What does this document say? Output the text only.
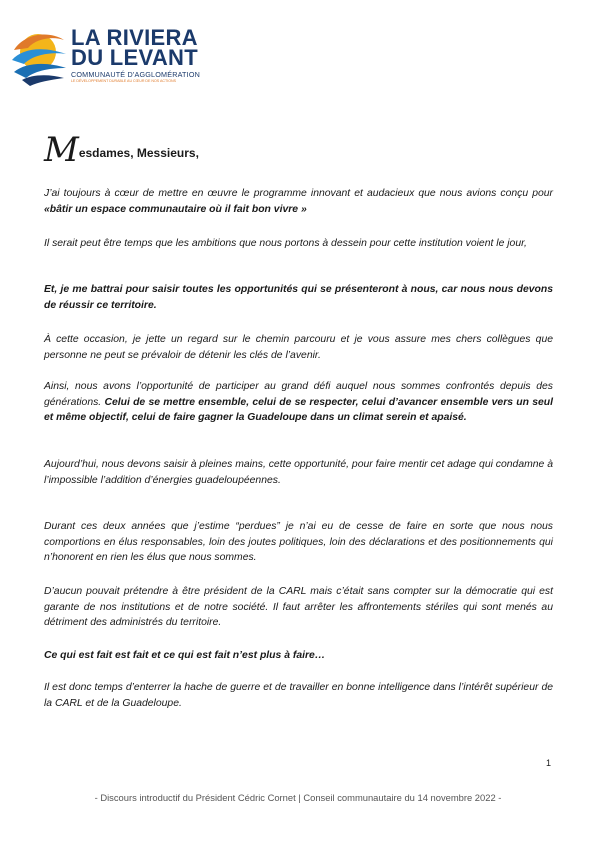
LA RIVIERA
DU LEVANT
COMMUNAUTÉ D'AGGLOMÉRATION
LE DÉVELOPPEMENT DURABLE AU CŒUR DE NOS ACTIONS
Mesdames, Messieurs,

J’ai toujours à cœur de mettre en œuvre le programme innovant et audacieux que nous avions conçu pour «bâtir un espace communautaire où il fait bon vivre »

Il serait peut être temps que les ambitions que nous portons à dessein pour cette institution voient le jour,

Et, je me battrai pour saisir toutes les opportunités qui se présenteront à nous, car nous nous devons de réussir ce territoire.

À cette occasion, je jette un regard sur le chemin parcouru et je vous assure mes chers collègues que personne ne peut se prévaloir de détenir les clés de l’avenir.

Ainsi, nous avons l’opportunité de participer au grand défi auquel nous sommes confrontés depuis des générations. Celui de se mettre ensemble, celui de se respecter, celui d’avancer ensemble vers un seul et même objectif, celui de faire gagner la Guadeloupe dans un climat serein et apaisé.

Aujourd’hui, nous devons saisir à pleines mains, cette opportunité, pour faire mentir cet adage qui condamne à l’impossible l’addition d’énergies guadeloupéennes.

Durant ces deux années que j’estime “perdues” je n’ai eu de cesse de faire en sorte que nous nous comportions en élus responsables, loin des joutes politiques, loin des déclarations et des positionnements qui n’honorent en rien les élus que nous sommes.

D’aucun pouvait prétendre à être président de la CARL mais c’était sans compter sur la démocratie qui est garante de nos institutions et de notre société. Il faut arrêter les affrontements stériles qui sont menés au détriment des administrés du territoire.

Ce qui est fait est fait et ce qui est fait n’est plus à faire…

Il est donc temps d’enterrer la hache de guerre et de travailler en bonne intelligence dans l’intérêt supérieur de la CARL et de la Guadeloupe.

1
- Discours introductif du Président Cédric Cornet | Conseil communautaire du 14 novembre 2022 -
